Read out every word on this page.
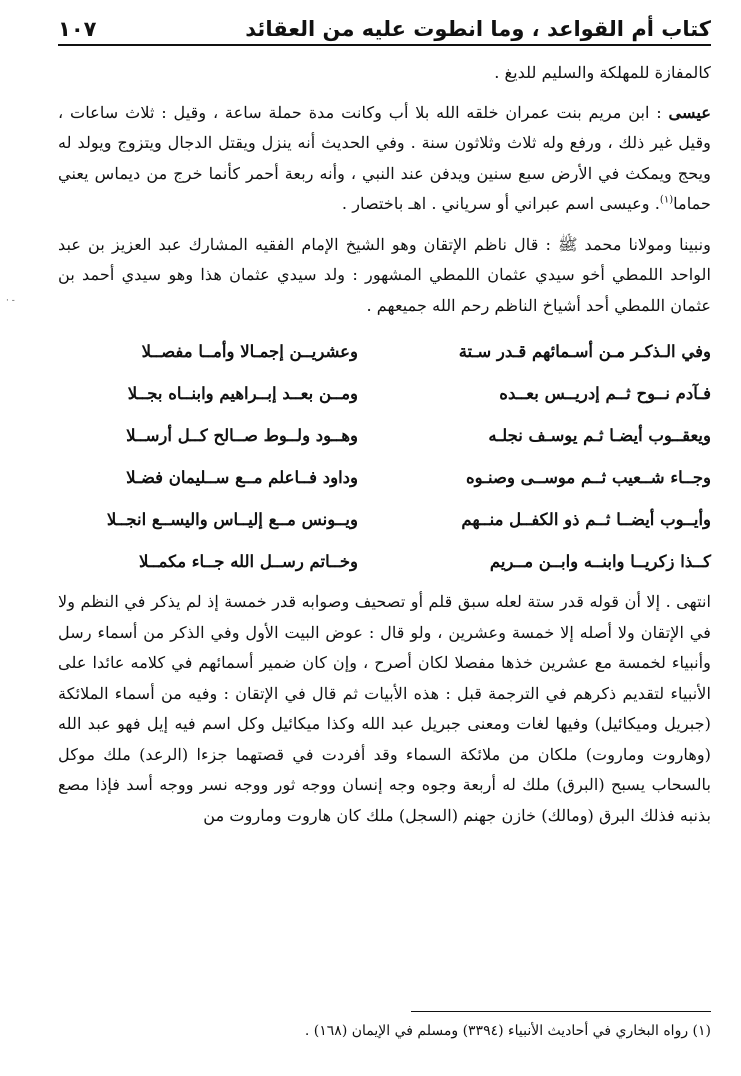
كتاب أم القواعد ، وما انطوت عليه من العقائد
١٠٧

كالمفازة للمهلكة والسليم للديغ .

عيسى : ابن مريم بنت عمران خلقه الله بلا أب وكانت مدة حملة ساعة ، وقيل : ثلاث ساعات ، وقيل غير ذلك ، ورفع وله ثلاث وثلاثون سنة . وفي الحديث أنه ينزل ويقتل الدجال ويتزوج ويولد له ويحج ويمكث في الأرض سبع سنين ويدفن عند النبي ، وأنه ربعة أحمر كأنما خرج من ديماس يعني حماما$^{(١)}$. وعيسى اسم عبراني أو سرياني . اهـ باختصار .

ونبينا ومولانا محمد ﷺ : قال ناظم الإتقان وهو الشيخ الإمام الفقيه المشارك عبد العزيز بن عبد الواحد اللمطي أخو سيدي عثمان اللمطي المشهور : ولد سيدي عثمان هذا وهو سيدي أحمد بن عثمان اللمطي أحد أشياخ الناظم رحم الله جميعهم .

وفي الـذكـر مـن أسـمائهم قـدر سـتة
وعشريــن إجمـالا وأمــا مفصــلا
فـآدم نــوح ثــم إدريــس بعــده
ومــن بعــد إبــراهيم وابنــاه بجــلا
ويعقــوب أيضـا ثـم يوسـف نجلـه
وهــود ولــوط صــالح كــل أرســلا
وجــاء شــعيب ثــم موســى وصنـوه
وداود فــاعلم مــع ســليمان فضـلا
وأيــوب أيضــا ثــم ذو الكفــل منــهم
ويــونس مــع إليــاس واليســع انجــلا
كــذا زكريــا وابنــه وابــن مــريم
وخــاتم رســل الله جــاء مكمــلا

انتهى . إلا أن قوله قدر ستة لعله سبق قلم أو تصحيف وصوابه قدر خمسة إذ لم يذكر في النظم ولا في الإتقان ولا أصله إلا خمسة وعشرين ، ولو قال : عوض البيت الأول وفي الذكر من أسماء رسل وأنبياء لخمسة مع عشرين خذها مفصلا لكان أصرح ، وإن كان ضمير أسمائهم في كلامه عائدا على الأنبياء لتقديم ذكرهم في الترجمة قبل : هذه الأبيات ثم قال في الإتقان : وفيه من أسماء الملائكة (جبريل وميكائيل) وفيها لغات ومعنى جبريل عبد الله وكذا ميكائيل وكل اسم فيه إيل فهو عبد الله (وهاروت وماروت) ملكان من ملائكة السماء وقد أفردت في قصتهما جزءا (الرعد) ملك موكل بالسحاب يسبح (البرق) ملك له أربعة وجوه وجه إنسان ووجه ثور ووجه نسر ووجه أسد فإذا مصع بذنبه فذلك البرق (ومالك) خازن جهنم (السجل) ملك كان هاروت وماروت من

(١) رواه البخاري في أحاديث الأنبياء (٣٣٩٤) ومسلم في الإيمان (١٦٨) .
· -
